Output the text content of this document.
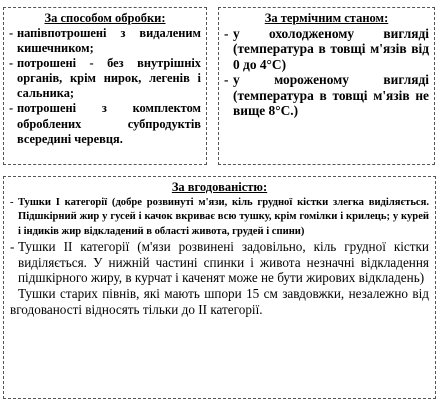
За способом обробки:
- напівпотрошені з видаленим кишечником;
- потрошені - без внутрішніх органів, крім нирок, легенів і сальника;
- потрошені з комплектом оброблених субпродуктів всередині черевця.
За термічним станом:
- у охолодженому вигляді (температура в товщі м'язів від 0 до 4°С)
- у мороженому вигляді (температура в товщі м'язів не вище 8°С.)
За вгодованістю:
- Тушки І категорії (добре розвинуті м'язи, кіль грудної кістки злегка виділяється. Підшкірний жир у гусей і качок вкриває всю тушку, крім гомілки і крилець; у курей і індиків жир відкладений в області живота, грудей і спини)
- Тушки ІІ категорії (м'язи розвинені задовільно, кіль грудної кістки виділяється. У нижній частині спинки і живота незначні відкладення підшкірного жиру, в курчат і каченят може не бути жирових відкладень)

Тушки старих півнів, які мають шпори 15 см завдовжки, незалежно від вгодованості відносять тільки до ІІ категорії.
